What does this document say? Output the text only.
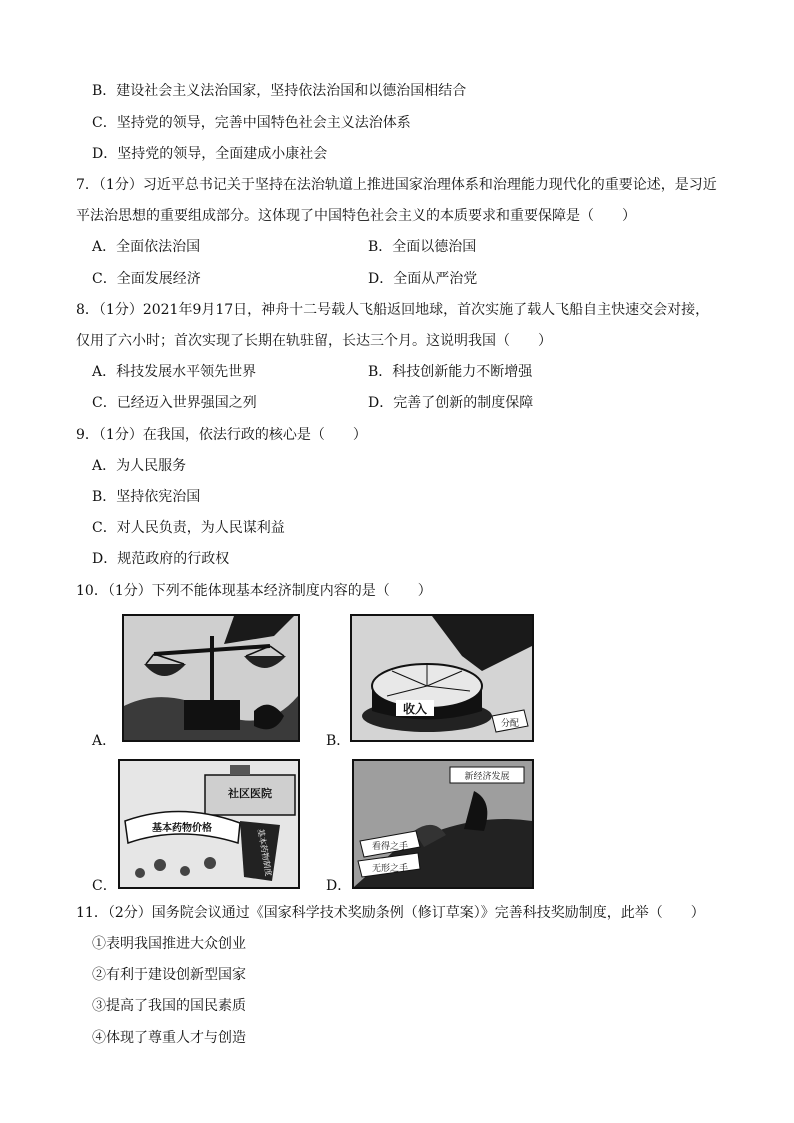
B．建设社会主义法治国家，坚持依法治国和以德治国相结合
C．坚持党的领导，完善中国特色社会主义法治体系
D．坚持党的领导，全面建成小康社会
7．（1分）习近平总书记关于坚持在法治轨道上推进国家治理体系和治理能力现代化的重要论述，是习近
平法治思想的重要组成部分。这体现了中国特色社会主义的本质要求和重要保障是（　　）
A．全面依法治国	B．全面以德治国
C．全面发展经济	D．全面从严治党
8．（1分）2021年9月17日，神舟十二号载人飞船返回地球，首次实施了载人飞船自主快速交会对接，
仅用了六小时；首次实现了长期在轨驻留，长达三个月。这说明我国（　　）
A．科技发展水平领先世界	B．科技创新能力不断增强
C．已经迈入世界强国之列	D．完善了创新的制度保障
9．（1分）在我国，依法行政的核心是（　　）
A．为人民服务
B．坚持依宪治国
C．对人民负责，为人民谋利益
D．规范政府的行政权
10．（1分）下列不能体现基本经济制度内容的是（　　）
A．	B．
收入
分配
C．
社区医院
基本药物价格	基本药物制度
D．
新经济发展
看得之手
无形之手
11．（2分）国务院会议通过《国家科学技术奖励条例（修订草案）》完善科技奖励制度，此举（　　）
①表明我国推进大众创业
②有利于建设创新型国家
③提高了我国的国民素质
④体现了尊重人才与创造
